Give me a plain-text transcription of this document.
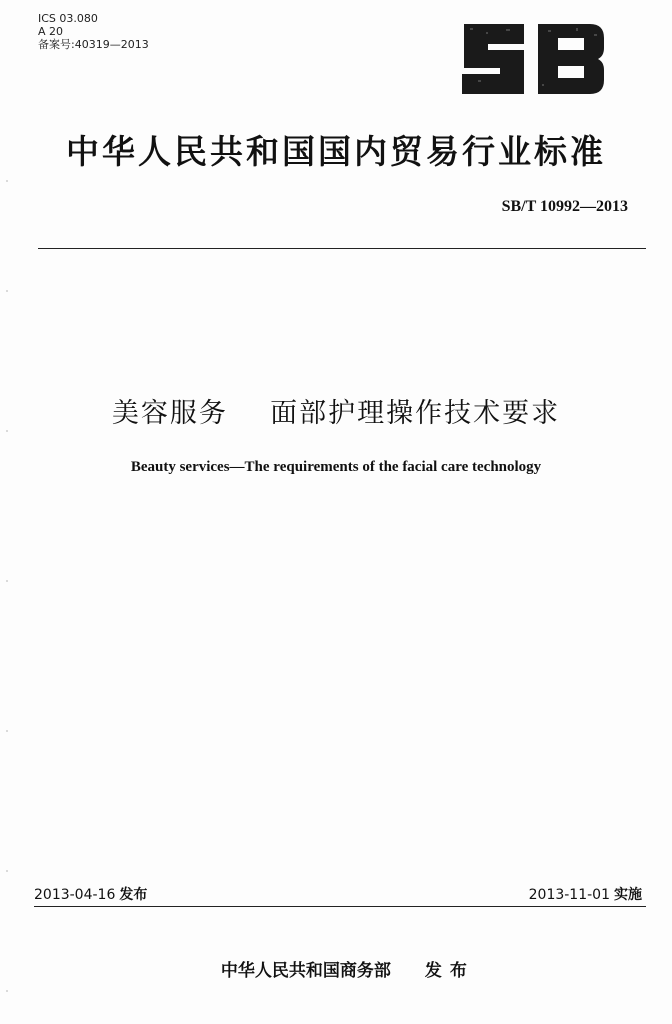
ICS 03.080
A 20
备案号:40319—2013
SB
中华人民共和国国内贸易行业标准
SB/T 10992—2013
美容服务    面部护理操作技术要求
Beauty services—The requirements of the facial care technology
2013-04-16 发布	2013-11-01 实施

中华人民共和国商务部 发布
